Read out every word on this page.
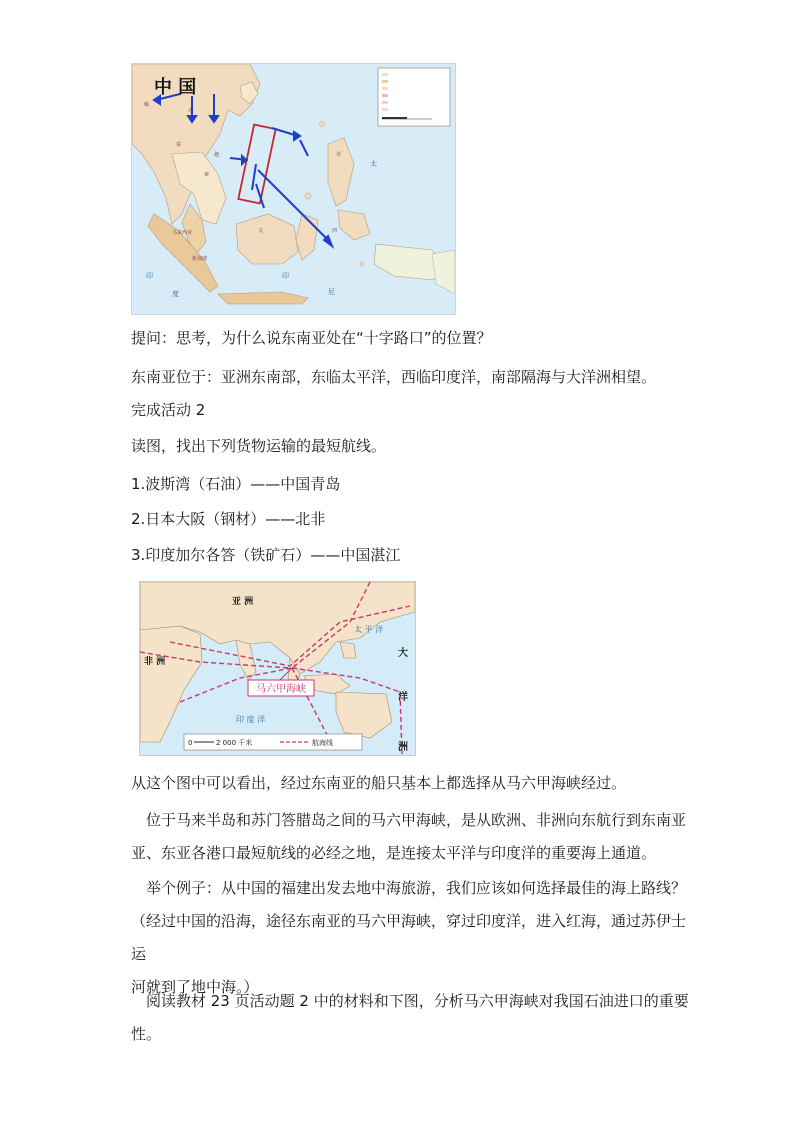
缅
老
泰
越
柬
菲
文	西
马来西亚
新加坡
太
印
度
印
尼
中 国
提问：思考，为什么说东南亚处在“十字路口”的位置？
东南亚位于：亚洲东南部，东临太平洋，西临印度洋，南部隔海与大洋洲相望。
完成活动 2
读图，找出下列货物运输的最短航线。
1.波斯湾（石油）——中国青岛
2.日本大阪（钢材）——北非
3.印度加尔各答（铁矿石）——中国湛江
马六甲海峡
亚 洲
非 洲
太 平 洋
大
洋
洲
印 度 洋
0	2 000 千米	航海线
从这个图中可以看出，经过东南亚的船只基本上都选择从马六甲海峡经过。
位于马来半岛和苏门答腊岛之间的马六甲海峡，是从欧洲、非洲向东航行到东南亚
亚、东亚各港口最短航线的必经之地，是连接太平洋与印度洋的重要海上通道。
举个例子：从中国的福建出发去地中海旅游，我们应该如何选择最佳的海上路线？
（经过中国的沿海，途径东南亚的马六甲海峡，穿过印度洋，进入红海，通过苏伊士运
河就到了地中海。）
阅读教材 23 页活动题 2 中的材料和下图，分析马六甲海峡对我国石油进口的重要
性。
